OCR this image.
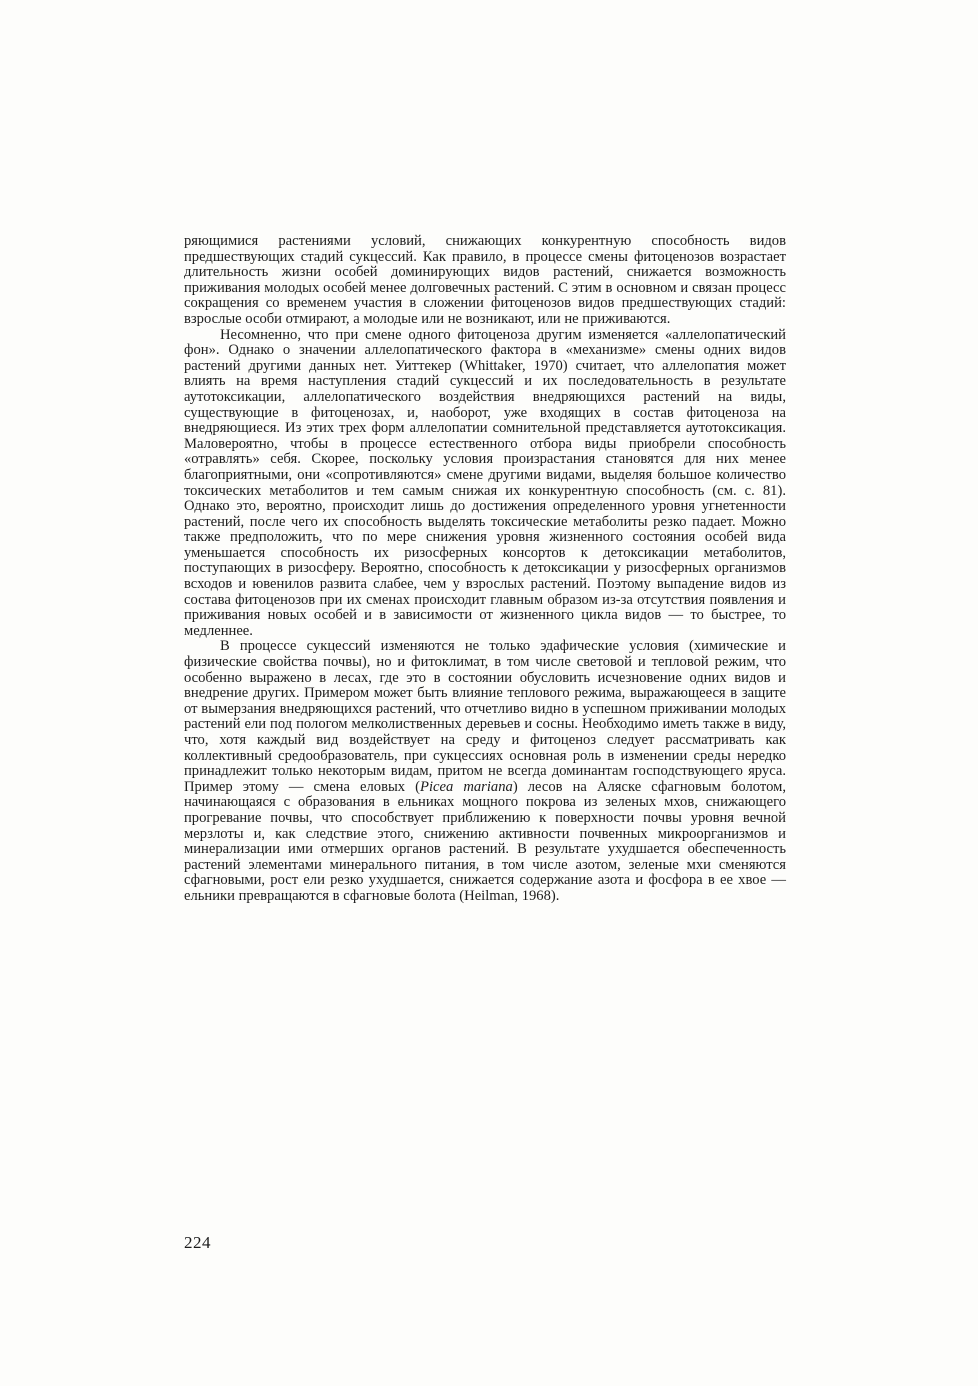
ряющимися растениями условий, снижающих конкурентную способность видов предшествующих стадий сукцессий. Как правило, в процессе смены фитоценозов возрастает длительность жизни особей доминирующих видов растений, снижается возможность приживания молодых особей менее долговечных растений. С этим в основном и связан процесс сокращения со временем участия в сложении фитоценозов видов предшествующих стадий: взрослые особи отмирают, а молодые или не возникают, или не приживаются.

Несомненно, что при смене одного фитоценоза другим изменяется «аллелопатический фон». Однако о значении аллелопатического фактора в «механизме» смены одних видов растений другими данных нет. Уиттекер (Whittaker, 1970) считает, что аллелопатия может влиять на время наступления стадий сукцессий и их последовательность в результате аутотоксикации, аллелопатического воздействия внедряющихся растений на виды, существующие в фитоценозах, и, наоборот, уже входящих в состав фитоценоза на внедряющиеся. Из этих трех форм аллелопатии сомнительной представляется аутотоксикация. Маловероятно, чтобы в процессе естественного отбора виды приобрели способность «отравлять» себя. Скорее, поскольку условия произрастания становятся для них менее благоприятными, они «сопротивляются» смене другими видами, выделяя большое количество токсических метаболитов и тем самым снижая их конкурентную способность (см. с. 81). Однако это, вероятно, происходит лишь до достижения определенного уровня угнетенности растений, после чего их способность выделять токсические метаболиты резко падает. Можно также предположить, что по мере снижения уровня жизненного состояния особей вида уменьшается способность их ризосферных консортов к детоксикации метаболитов, поступающих в ризосферу. Вероятно, способность к детоксикации у ризосферных организмов всходов и ювенилов развита слабее, чем у взрослых растений. Поэтому выпадение видов из состава фитоценозов при их сменах происходит главным образом из-за отсутствия появления и приживания новых особей и в зависимости от жизненного цикла видов — то быстрее, то медленнее.

В процессе сукцессий изменяются не только эдафические условия (химические и физические свойства почвы), но и фитоклимат, в том числе световой и тепловой режим, что особенно выражено в лесах, где это в состоянии обусловить исчезновение одних видов и внедрение других. Примером может быть влияние теплового режима, выражающееся в защите от вымерзания внедряющихся растений, что отчетливо видно в успешном приживании молодых растений ели под пологом мелколиственных деревьев и сосны. Необходимо иметь также в виду, что, хотя каждый вид воздействует на среду и фитоценоз следует рассматривать как коллективный средообразователь, при сукцессиях основная роль в изменении среды нередко принадлежит только некоторым видам, притом не всегда доминантам господствующего яруса. Пример этому — смена еловых (Picea mariana) лесов на Аляске сфагновым болотом, начинающаяся с образования в ельниках мощного покрова из зеленых мхов, снижающего прогревание почвы, что способствует приближению к поверхности почвы уровня вечной мерзлоты и, как следствие этого, снижению активности почвенных микроорганизмов и минерализации ими отмерших органов растений. В результате ухудшается обеспеченность растений элементами минерального питания, в том числе азотом, зеленые мхи сменяются сфагновыми, рост ели резко ухудшается, снижается содержание азота и фосфора в ее хвое — ельники превращаются в сфагновые болота (Heilman, 1968).

224
